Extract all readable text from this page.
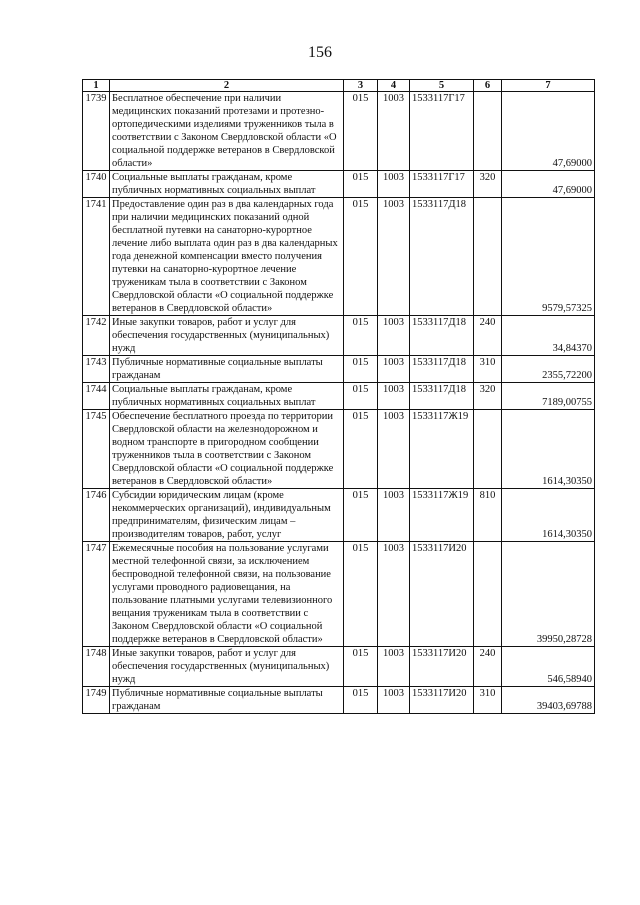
156
1	2	3	4	5	6	7
1739	Бесплатное обеспечение при наличии медицинских показаний протезами и протезно-ортопедическими изделиями труженников тыла в соответствии с Законом Свердловской области «О социальной поддержке ветеранов в Свердловской области»	015	1003	1533117Г17		47,69000
1740	Социальные выплаты гражданам, кроме публичных нормативных социальных выплат	015	1003	1533117Г17	320	47,69000
1741	Предоставление один раз в два календарных года при наличии медицинских показаний одной бесплатной путевки на санаторно-курортное лечение либо выплата один раз в два календарных года денежной компенсации вместо получения путевки на санаторно-курортное лечение труженикам тыла в соответствии с Законом Свердловской области «О социальной поддержке ветеранов в Свердловской области»	015	1003	1533117Д18		9579,57325
1742	Иные закупки товаров, работ и услуг для обеспечения государственных (муниципальных) нужд	015	1003	1533117Д18	240	34,84370
1743	Публичные нормативные социальные выплаты гражданам	015	1003	1533117Д18	310	2355,72200
1744	Социальные выплаты гражданам, кроме публичных нормативных социальных выплат	015	1003	1533117Д18	320	7189,00755
1745	Обеспечение бесплатного проезда по территории Свердловской области на железнодорожном и водном транспорте в пригородном сообщении труженников тыла в соответствии с Законом Свердловской области «О социальной поддержке ветеранов в Свердловской области»	015	1003	1533117Ж19		1614,30350
1746	Субсидии юридическим лицам (кроме некоммерческих организаций), индивидуальным предпринимателям, физическим лицам – производителям товаров, работ, услуг	015	1003	1533117Ж19	810	1614,30350
1747	Ежемесячные пособия на пользование услугами местной телефонной связи, за исключением беспроводной телефонной связи, на пользование услугами проводного радиовещания, на пользование платными услугами телевизионного вещания труженикам тыла в соответствии с Законом Свердловской области «О социальной поддержке ветеранов в Свердловской области»	015	1003	1533117И20		39950,28728
1748	Иные закупки товаров, работ и услуг для обеспечения государственных (муниципальных) нужд	015	1003	1533117И20	240	546,58940
1749	Публичные нормативные социальные выплаты гражданам	015	1003	1533117И20	310	39403,69788
